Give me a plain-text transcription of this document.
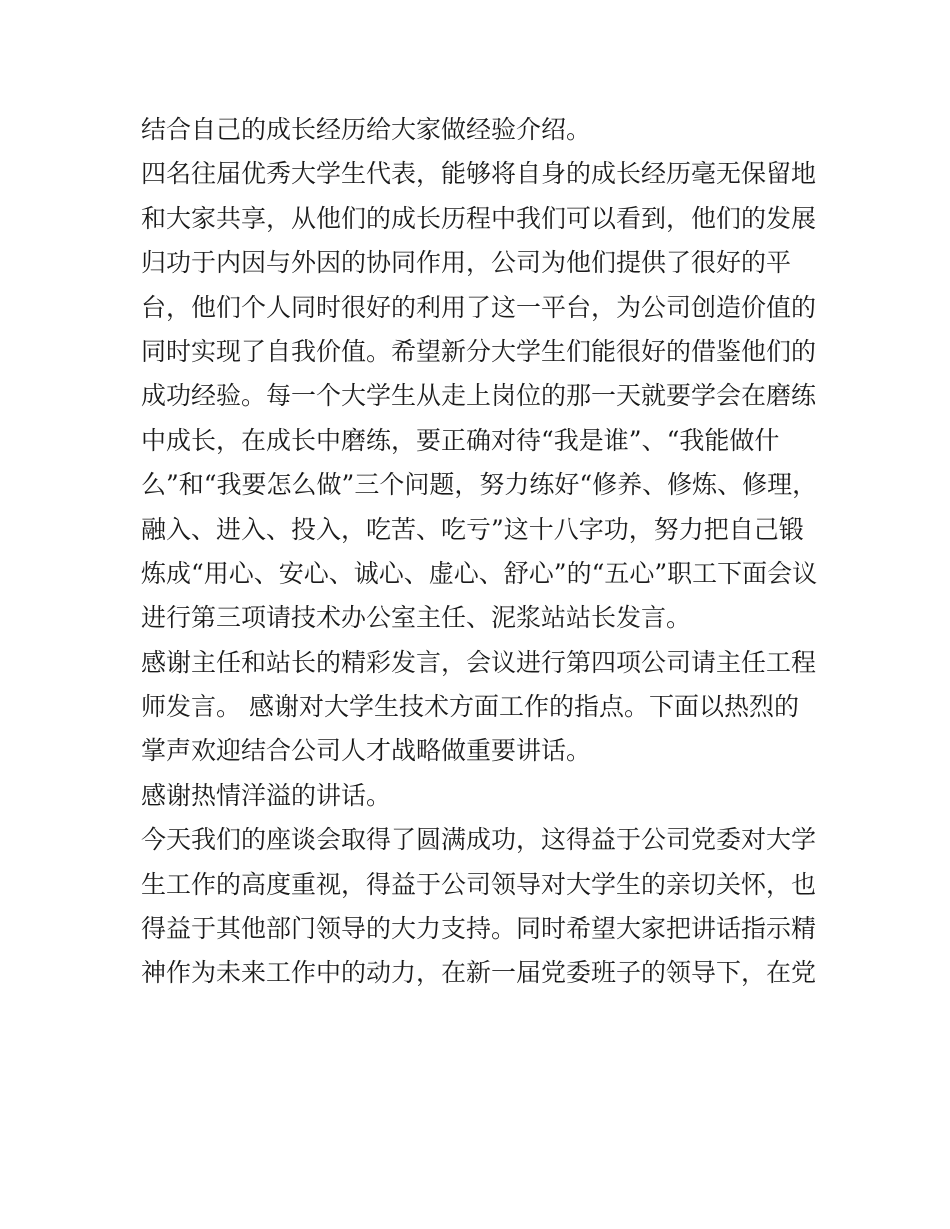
结合自己的成长经历给大家做经验介绍。
四名往届优秀大学生代表，能够将自身的成长经历毫无保留地
和大家共享，从他们的成长历程中我们可以看到，他们的发展
归功于内因与外因的协同作用，公司为他们提供了很好的平
台，他们个人同时很好的利用了这一平台，为公司创造价值的
同时实现了自我价值。希望新分大学生们能很好的借鉴他们的
成功经验。每一个大学生从走上岗位的那一天就要学会在磨练
中成长，在成长中磨练，要正确对待“我是谁”、“我能做什
么”和“我要怎么做”三个问题，努力练好“修养、修炼、修理，
融入、进入、投入，吃苦、吃亏”这十八字功，努力把自己锻
炼成“用心、安心、诚心、虚心、舒心”的“五心”职工下面会议
进行第三项请技术办公室主任、泥浆站站长发言。
感谢主任和站长的精彩发言，会议进行第四项公司请主任工程
师发言。 感谢对大学生技术方面工作的指点。下面以热烈的
掌声欢迎结合公司人才战略做重要讲话。
感谢热情洋溢的讲话。
今天我们的座谈会取得了圆满成功，这得益于公司党委对大学
生工作的高度重视，得益于公司领导对大学生的亲切关怀，也
得益于其他部门领导的大力支持。同时希望大家把讲话指示精
神作为未来工作中的动力，在新一届党委班子的领导下，在党
